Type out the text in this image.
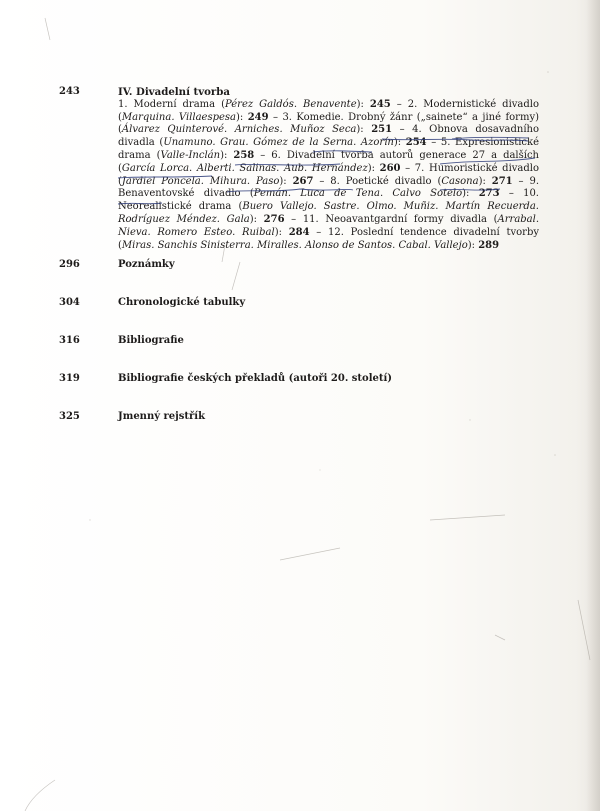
243	IV. Divadelní tvorba
1. Moderní drama (Pérez Galdós. Benavente): 245 – 2. Modernistické divadlo (Marquina. Villaespesa): 249 – 3. Komedie. Drobný žánr („sainete“ a jiné formy) (Álvarez Quinterové. Arniches. Muñoz Seca): 251 – 4. Obnova dosavadního divadla (Unamuno. Grau. Gómez de la Serna. Azorín): 254 – 5. Expresionistické drama (Valle-Inclán): 258 – 6. Divadelní tvorba autorů generace 27 a dalších (García Lorca. Alberti. Salinas. Aub. Hernández): 260 – 7. Humoristické divadlo (Jardiel Poncela. Mihura. Paso): 267 – 8. Poetické divadlo (Casona): 271 – 9. Benaventovské divadlo (Pemán. Luca de Tena. Calvo Sotelo): 273 – 10. Neorealistické drama (Buero Vallejo. Sastre. Olmo. Muñiz. Martín Recuerda. Rodríguez Méndez. Gala): 276 – 11. Neoavantgardní formy divadla (Arrabal. Nieva. Romero Esteo. Ruibal): 284 – 12. Poslední tendence divadelní tvorby (Miras. Sanchis Sinisterra. Miralles. Alonso de Santos. Cabal. Vallejo): 289
296	Poznámky
304	Chronologické tabulky
316	Bibliografie
319	Bibliografie českých překladů (autoři 20. století)
325	Jmenný rejstřík
